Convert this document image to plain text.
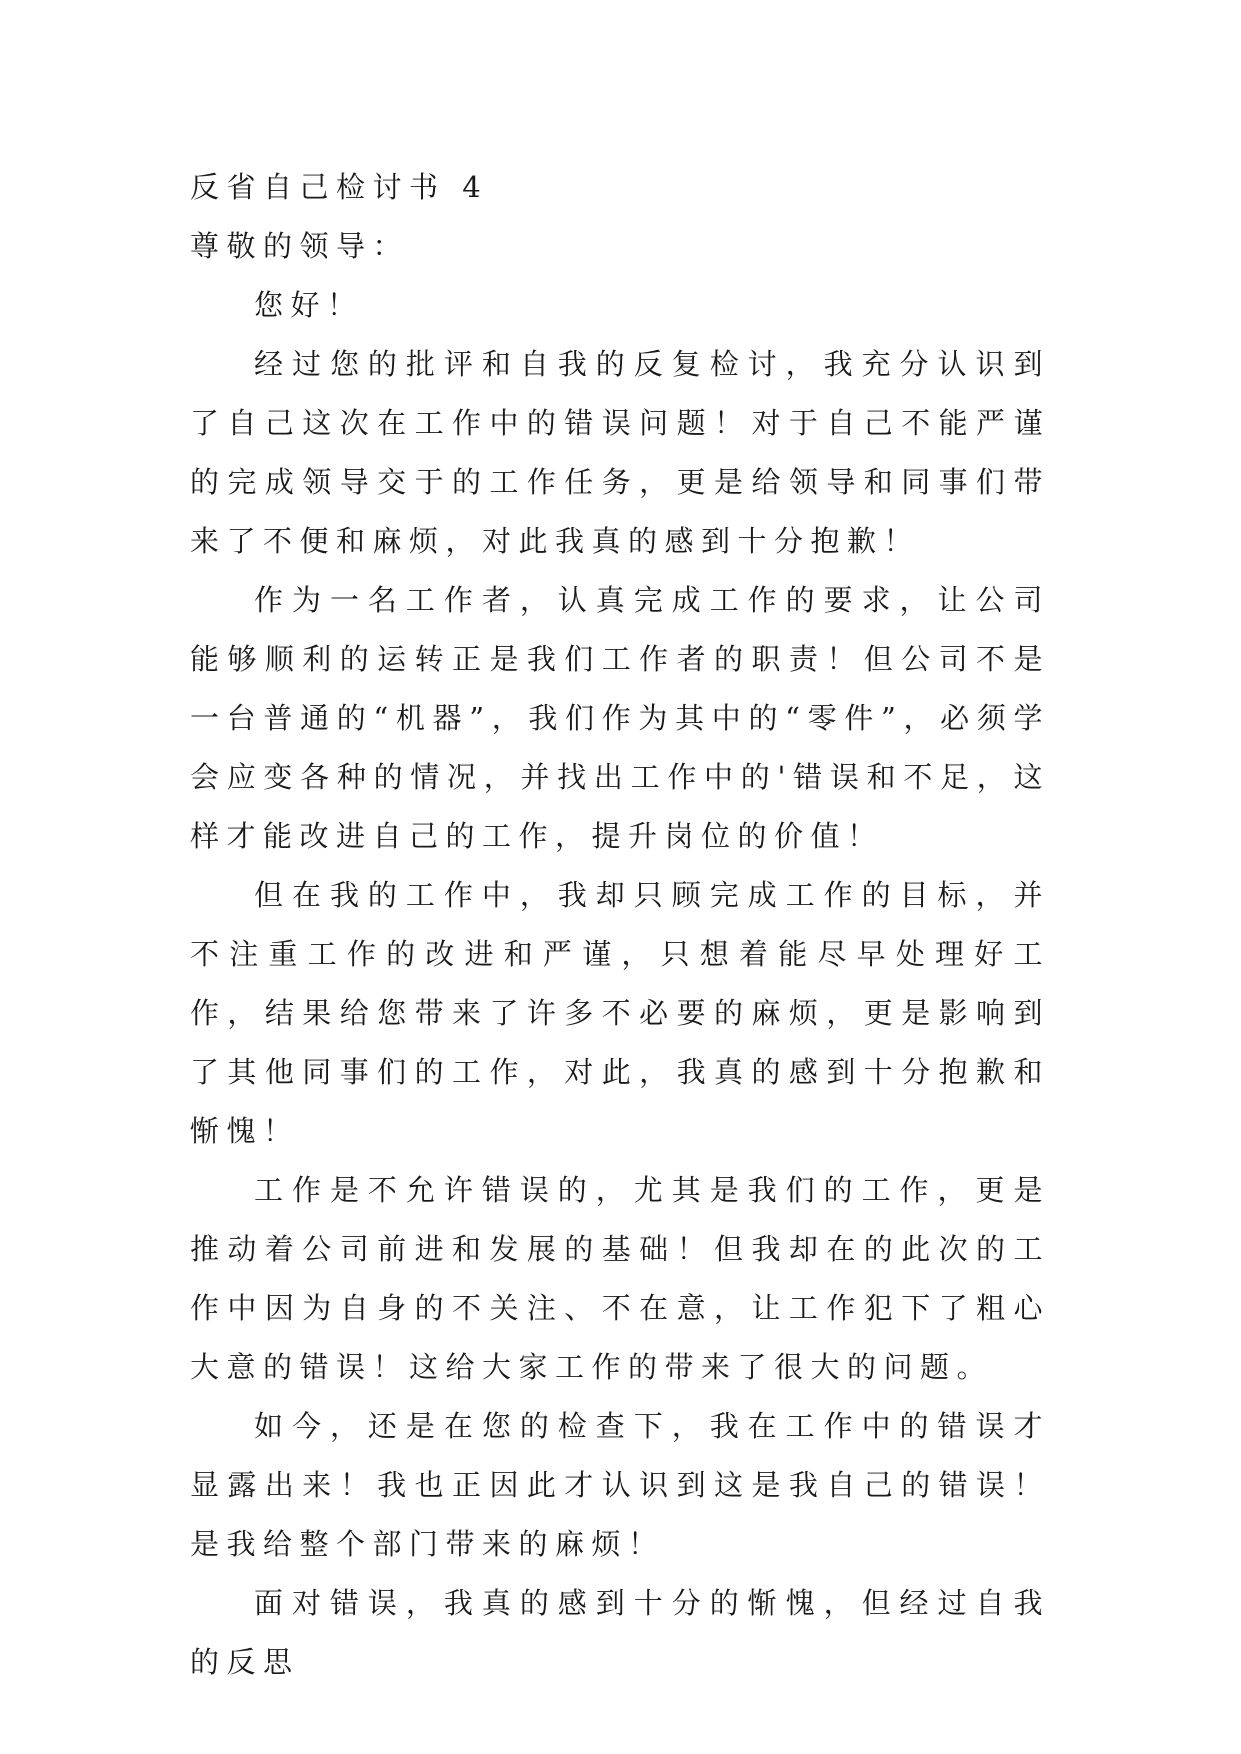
反省自己检讨书 4
尊敬的领导：
您好！
经过您的批评和自我的反复检讨，我充分认识到了自己这次在工作中的错误问题！对于自己不能严谨的完成领导交于的工作任务，更是给领导和同事们带来了不便和麻烦，对此我真的感到十分抱歉！
作为一名工作者，认真完成工作的要求，让公司能够顺利的运转正是我们工作者的职责！但公司不是一台普通的“机器”，我们作为其中的“零件”，必须学会应变各种的情况，并找出工作中的'错误和不足，这样才能改进自己的工作，提升岗位的价值！
但在我的工作中，我却只顾完成工作的目标，并不注重工作的改进和严谨，只想着能尽早处理好工作，结果给您带来了许多不必要的麻烦，更是影响到了其他同事们的工作，对此，我真的感到十分抱歉和惭愧！
工作是不允许错误的，尤其是我们的工作，更是推动着公司前进和发展的基础！但我却在的此次的工作中因为自身的不关注、不在意，让工作犯下了粗心大意的错误！这给大家工作的带来了很大的问题。
如今，还是在您的检查下，我在工作中的错误才显露出来！我也正因此才认识到这是我自己的错误！是我给整个部门带来的麻烦！
面对错误，我真的感到十分的惭愧，但经过自我的反思
